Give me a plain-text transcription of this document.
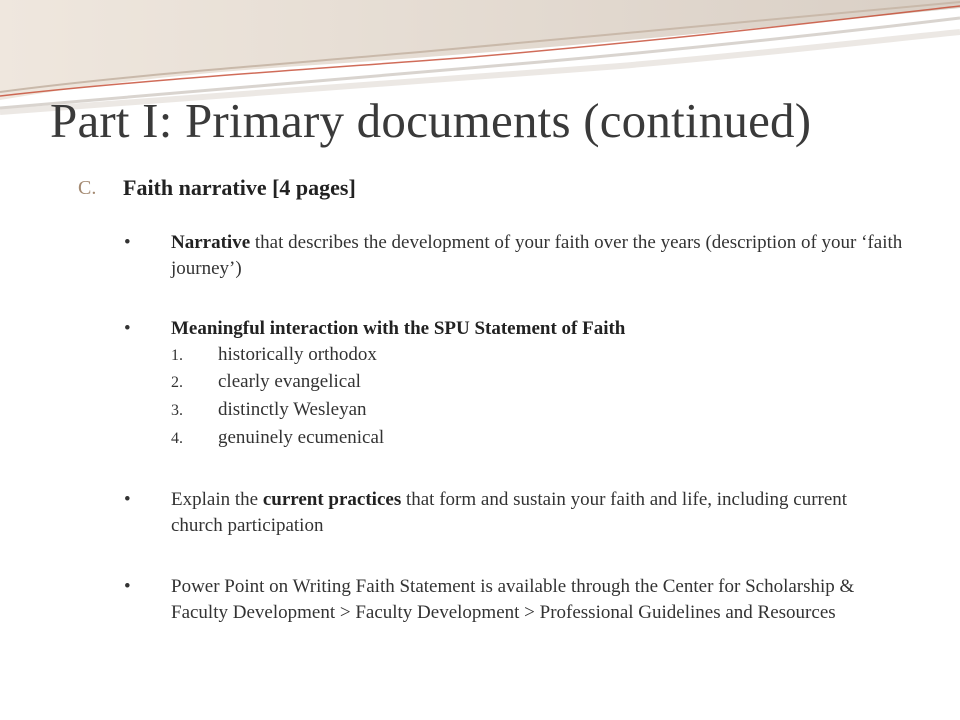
Part I: Primary documents (continued)
C. Faith narrative [4 pages]
• Narrative that describes the development of your faith over the years (description of your ‘faith journey’)
• Meaningful interaction with the SPU Statement of Faith
1. historically orthodox
2. clearly evangelical
3. distinctly Wesleyan
4. genuinely ecumenical
• Explain the current practices that form and sustain your faith and life, including current church participation
• Power Point on Writing Faith Statement is available through the Center for Scholarship & Faculty Development > Faculty Development > Professional Guidelines and Resources
